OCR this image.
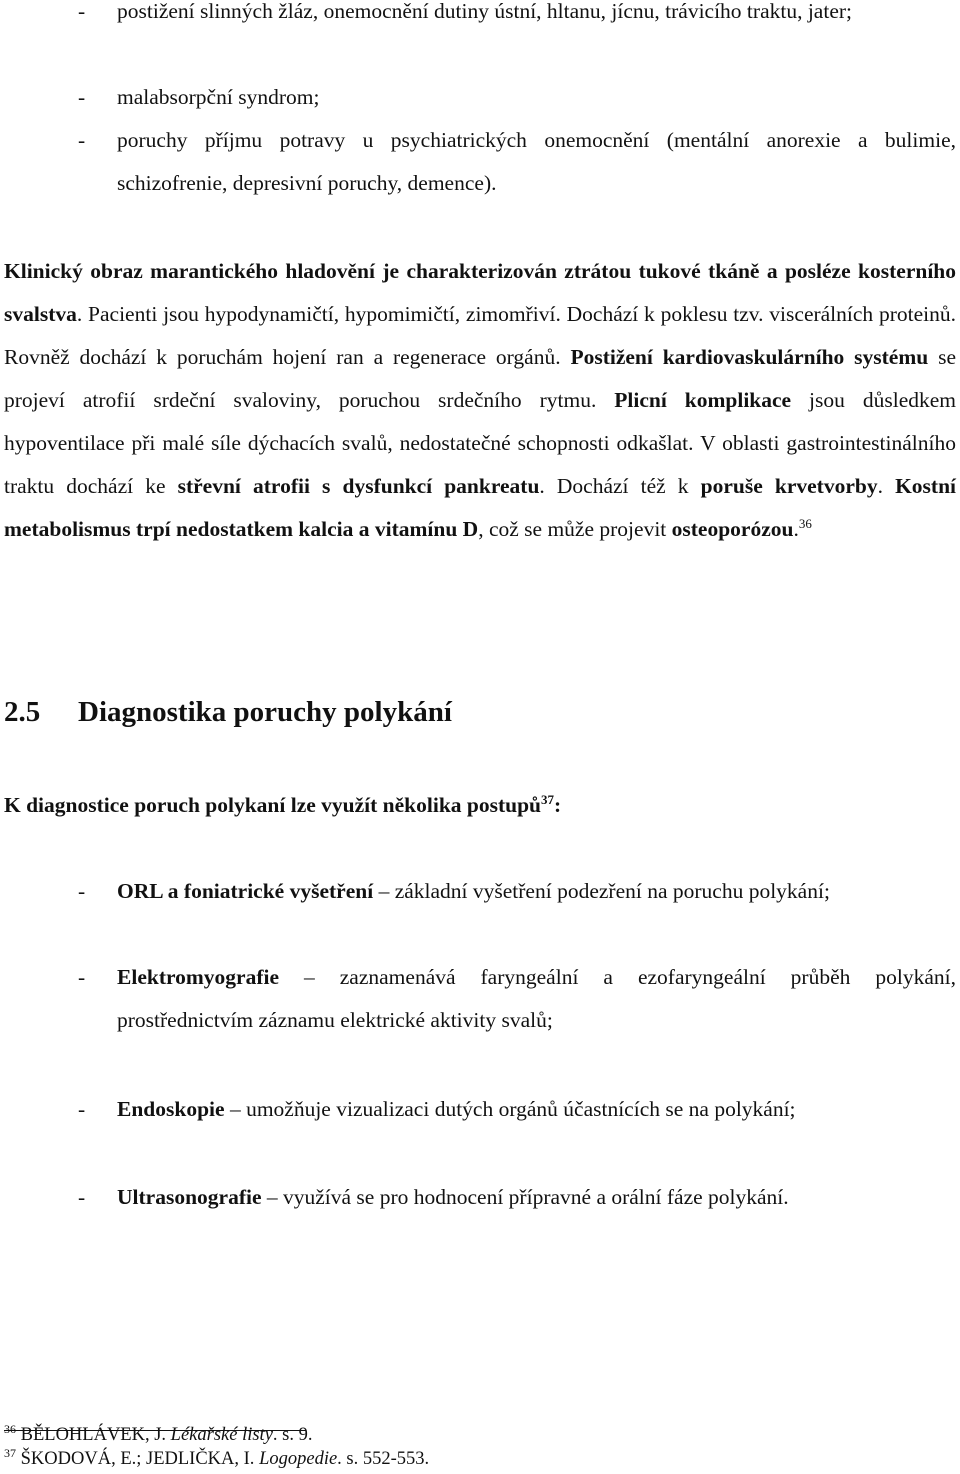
- postižení slinných žláz, onemocnění dutiny ústní, hltanu, jícnu, trávicího traktu, jater;
- malabsorpční syndrom;
- poruchy příjmu potravy u psychiatrických onemocnění (mentální anorexie a bulimie, schizofrenie, depresivní poruchy, demence).
Klinický obraz marantického hladovění je charakterizován ztrátou tukové tkáně a posléze kosterního svalstva. Pacienti jsou hypodynamičtí, hypomimičtí, zimomřiví. Dochází k poklesu tzv. viscerálních proteinů. Rovněž dochází k poruchám hojení ran a regenerace orgánů. Postižení kardiovaskulárního systému se projeví atrofií srdeční svaloviny, poruchou srdečního rytmu. Plicní komplikace jsou důsledkem hypoventilace při malé síle dýchacích svalů, nedostatečné schopnosti odkašlat. V oblasti gastrointestinálního traktu dochází ke střevní atrofii s dysfunkcí pankreatu. Dochází též k poruše krvetvorby. Kostní metabolismus trpí nedostatkem kalcia a vitamínu D, což se může projevit osteoporózou.$^{36}$
2.5 Diagnostika poruchy polykání
K diagnostice poruch polykaní lze využít několika postupů$^{37}$:
- ORL a foniatrické vyšetření – základní vyšetření podezření na poruchu polykání;
- Elektromyografie – zaznamenává faryngeální a ezofaryngeální průběh polykání, prostřednictvím záznamu elektrické aktivity svalů;
- Endoskopie – umožňuje vizualizaci dutých orgánů účastnících se na polykání;
- Ultrasonografie – využívá se pro hodnocení přípravné a orální fáze polykání.
$^{36}$ BĚLOHLÁVEK, J. Lékařské listy. s. 9.
$^{37}$ ŠKODOVÁ, E.; JEDLIČKA, I. Logopedie. s. 552-553.
